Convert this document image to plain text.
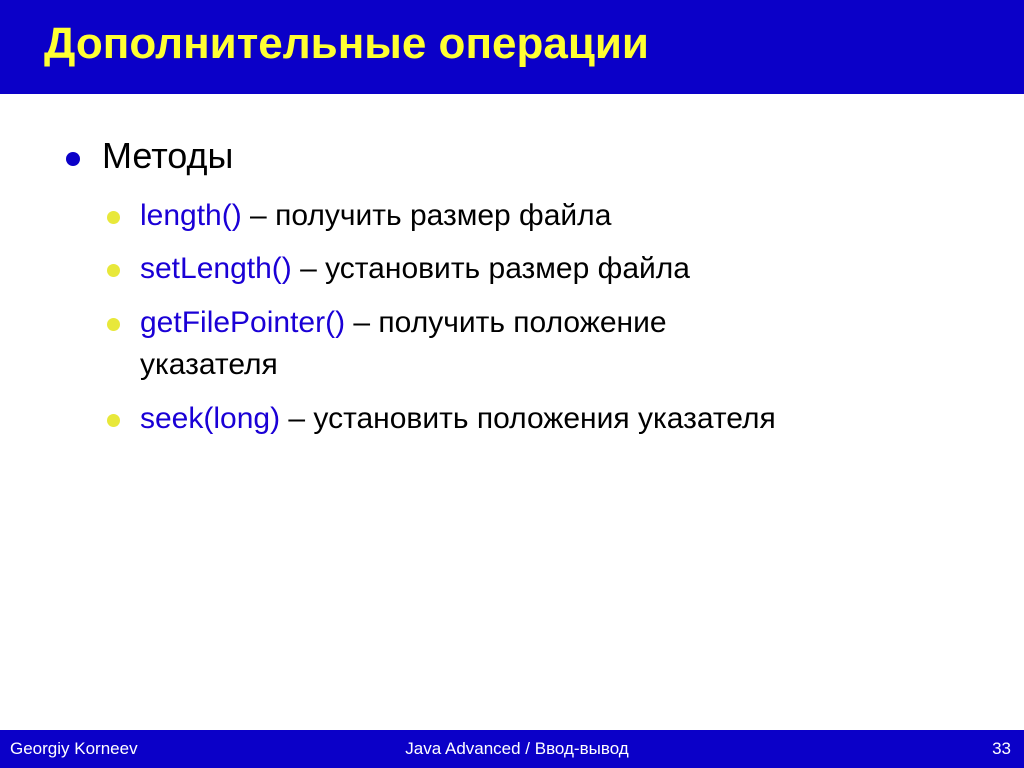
Дополнительные операции
Методы
length() – получить размер файла
setLength() – установить размер файла
getFilePointer() – получить положение указателя
seek(long) – установить положения указателя
Georgiy Korneev	Java Advanced / Ввод-вывод	33
